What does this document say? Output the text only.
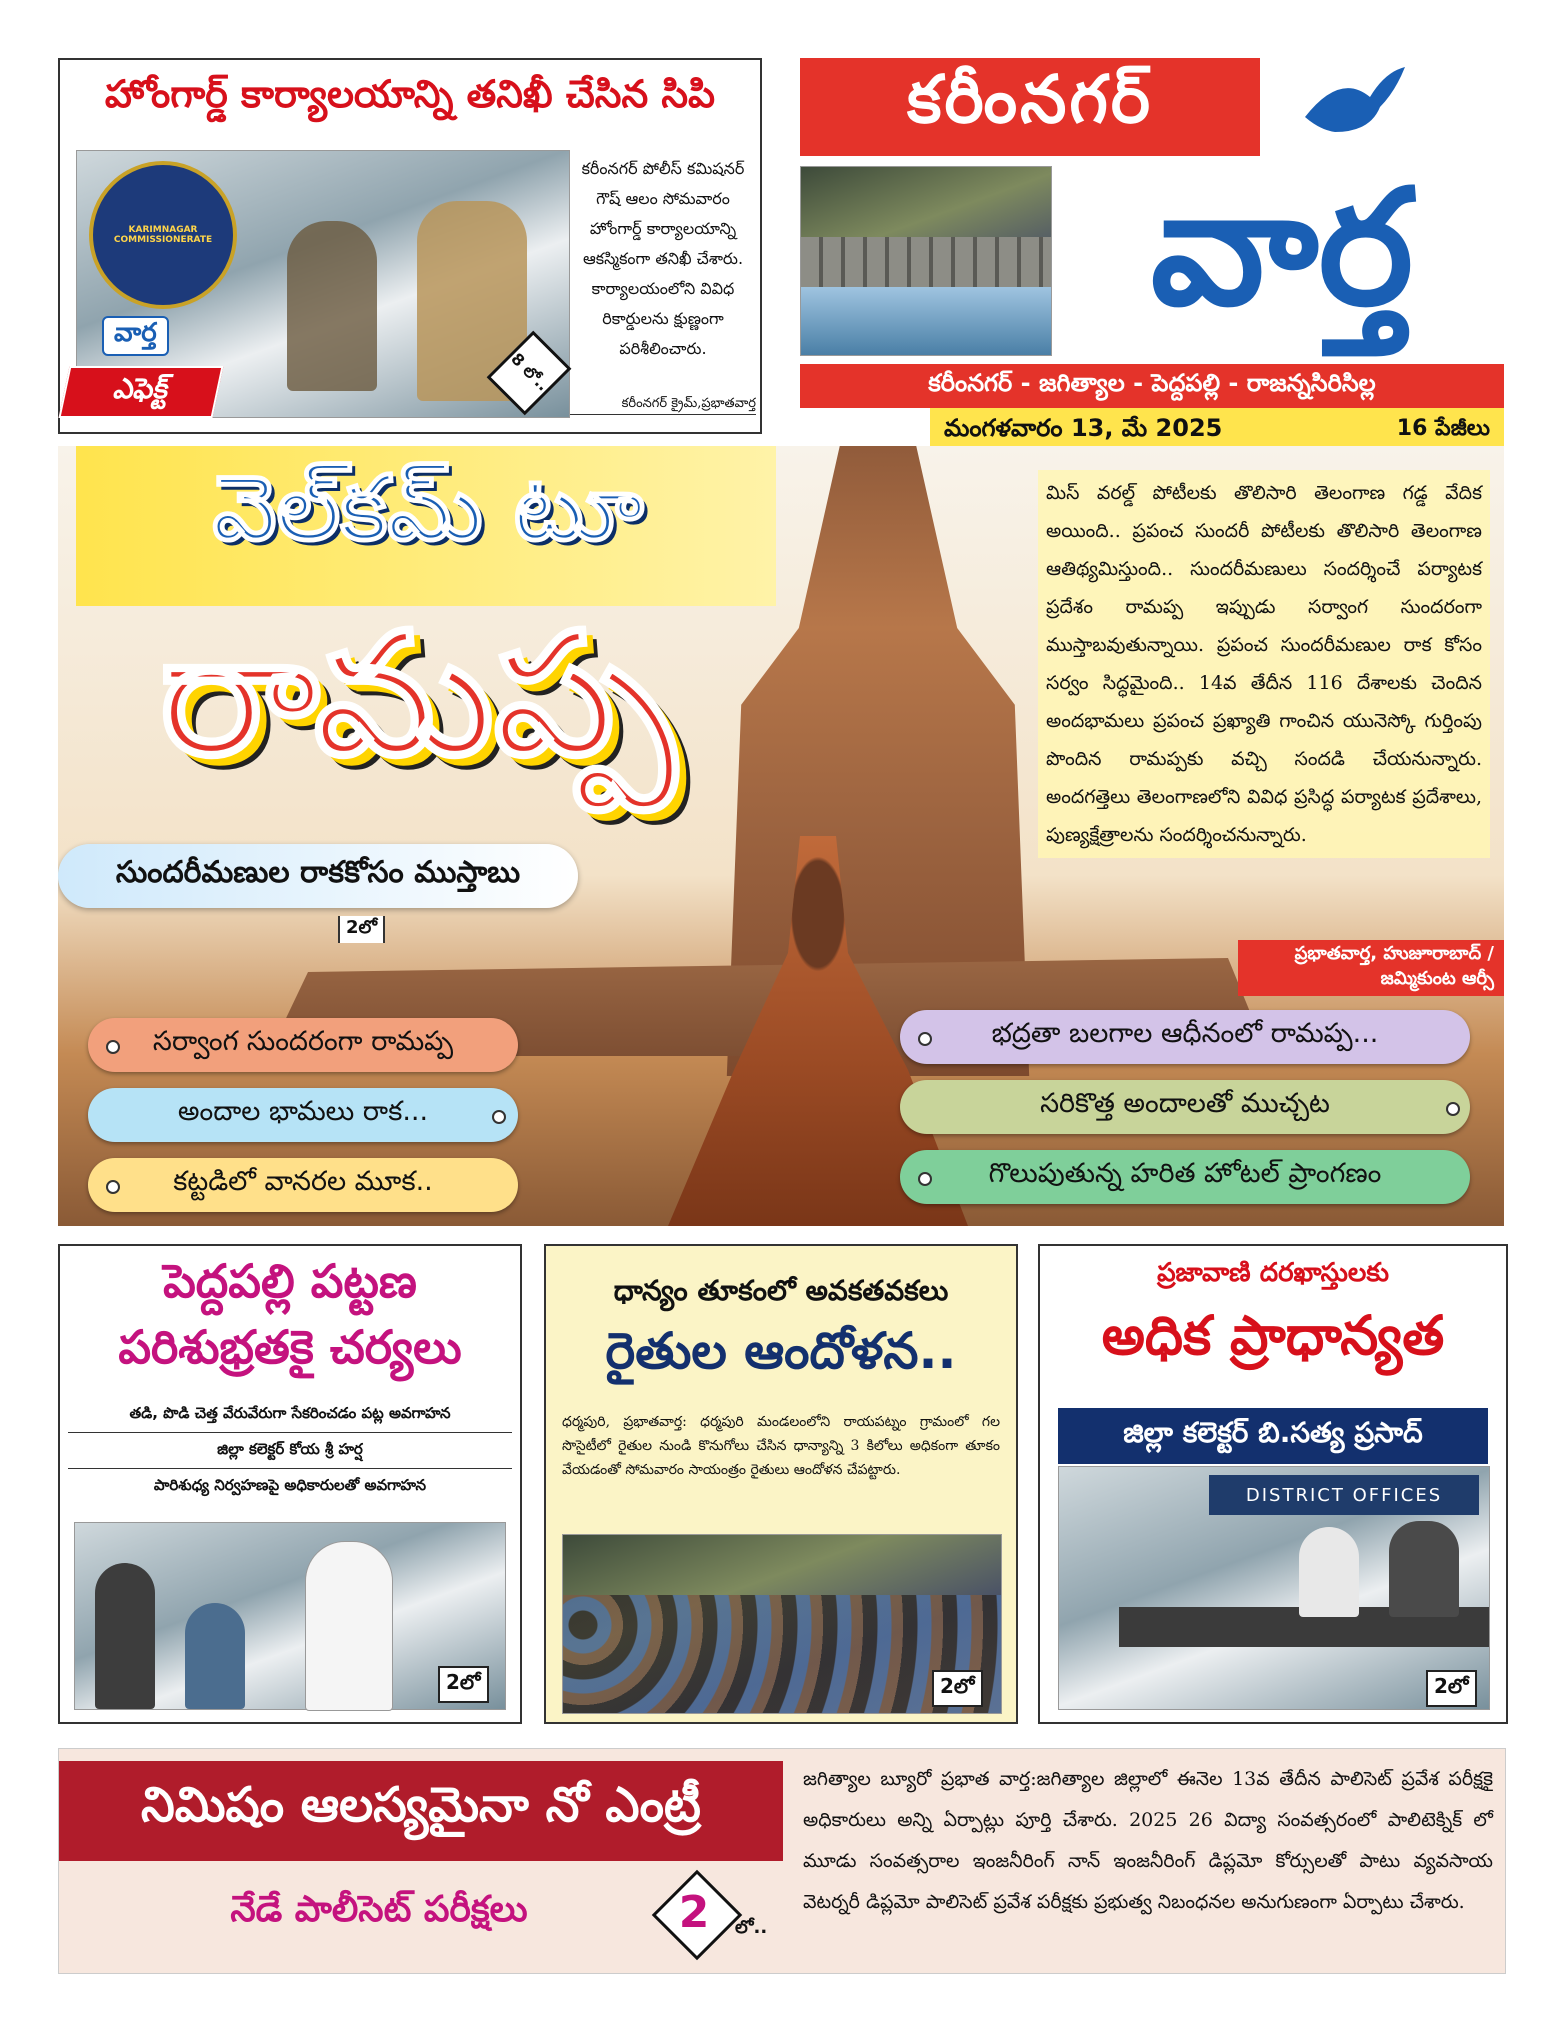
హోంగార్డ్ కార్యాలయాన్ని తనిఖీ చేసిన సిపి
KARIMNAGAR COMMISSIONERATE
వార్త
ఎఫెక్ట్	8 లో..
కరీంనగర్ పోలీస్ కమిషనర్ గౌష్ ఆలం సోమవారం హోంగార్డ్ కార్యాలయాన్ని ఆకస్మికంగా తనిఖీ చేశారు. కార్యాలయంలోని వివిధ రికార్డులను క్షుణ్ణంగా పరిశీలించారు.
కరీంనగర్ క్రైమ్,ప్రభాతవార్త
కరీంనగర్
వార్త
కరీంనగర్ - జగిత్యాల - పెద్దపల్లి - రాజన్నసిరిసిల్ల
మంగళవారం 13, మే 2025	16 పేజీలు
వెల్‌కమ్ టూ
రామప్ప
సుందరీమణుల రాకకోసం ముస్తాబు
2లో
మిస్ వరల్డ్ పోటీలకు తొలిసారి తెలంగాణ గడ్డ వేదిక అయింది.. ప్రపంచ సుందరీ పోటీలకు తొలిసారి తెలంగాణ ఆతిథ్యమిస్తుంది.. సుందరీమణులు సందర్శించే పర్యాటక ప్రదేశం రామప్ప ఇప్పుడు సర్వాంగ సుందరంగా ముస్తాబవుతున్నాయి. ప్రపంచ సుందరీమణుల రాక కోసం సర్వం సిద్ధమైంది.. 14వ తేదీన 116 దేశాలకు చెందిన అందభామలు ప్రపంచ ప్రఖ్యాతి గాంచిన యునెస్కో గుర్తింపు పొందిన రామప్పకు వచ్చి సందడి చేయనున్నారు. అందగత్తెలు తెలంగాణలోని వివిధ ప్రసిద్ధ పర్యాటక ప్రదేశాలు, పుణ్యక్షేత్రాలను సందర్శించనున్నారు.
ప్రభాతవార్త, హుజూరాబాద్ / జమ్మికుంట ఆర్సీ
సర్వాంగ సుందరంగా రామప్ప
అందాల భామలు రాక...
కట్టడిలో వానరల మూక..
భద్రతా బలగాల ఆధీనంలో రామప్ప...
సరికొత్త అందాలతో ముచ్చట
గొలుపుతున్న హరిత హోటల్ ప్రాంగణం
పెద్దపల్లి పట్టణ
పరిశుభ్రతకై చర్యలు
తడి, పొడి చెత్త వేరువేరుగా సేకరించడం పట్ల అవగాహన
జిల్లా కలెక్టర్ కోయ శ్రీ హర్ష
పారిశుధ్య నిర్వహణపై అధికారులతో అవగాహన
2లో
ధాన్యం తూకంలో అవకతవకలు
రైతుల ఆందోళన..
ధర్మపురి, ప్రభాతవార్త: ధర్మపురి మండలంలోని రాయపట్నం గ్రామంలో గల సొసైటీలో రైతుల నుండి కొనుగోలు చేసిన ధాన్యాన్ని 3 కిలోలు అధికంగా తూకం వేయడంతో సోమవారం సాయంత్రం రైతులు ఆందోళన చేపట్టారు.
2లో
ప్రజావాణి దరఖాస్తులకు
అధిక ప్రాధాన్యత
జిల్లా కలెక్టర్ బి.సత్య ప్రసాద్
DISTRICT OFFICES
2లో
నిమిషం ఆలస్యమైనా నో ఎంట్రీ
నేడే పాలీసెట్ పరీక్షలు	2	లో..
జగిత్యాల బ్యూరో ప్రభాత వార్త:జగిత్యాల జిల్లాలో ఈనెల 13వ తేదీన పాలిసెట్ ప్రవేశ పరీక్షకై అధికారులు అన్ని ఏర్పాట్లు పూర్తి చేశారు. 2025 26 విద్యా సంవత్సరంలో పాలిటెక్నిక్ లో మూడు సంవత్సరాల ఇంజనీరింగ్ నాన్ ఇంజనీరింగ్ డిప్లమో కోర్సులతో పాటు వ్యవసాయ వెటర్నరీ డిప్లమో పాలిసెట్ ప్రవేశ పరీక్షకు ప్రభుత్వ నిబంధనల అనుగుణంగా ఏర్పాటు చేశారు.
